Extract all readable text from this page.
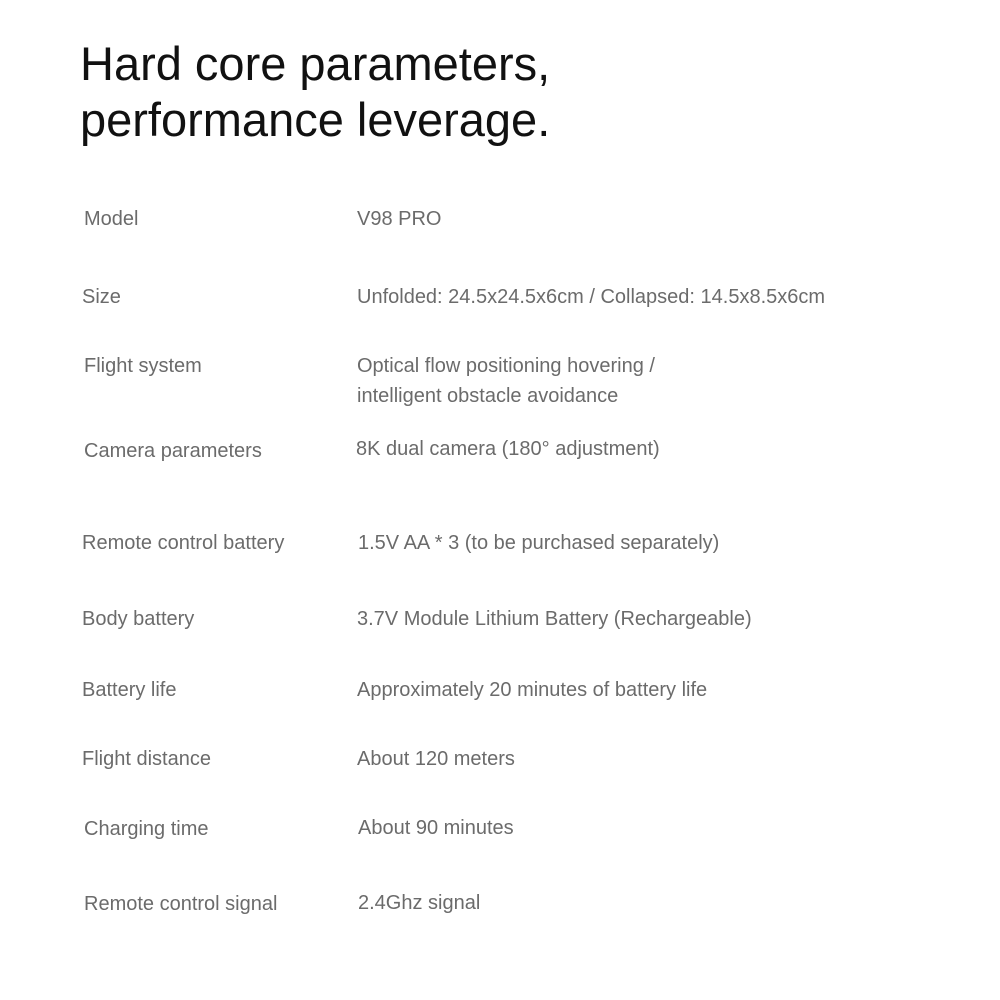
Hard core parameters,
performance leverage.
Model	V98 PRO
Size	Unfolded: 24.5x24.5x6cm / Collapsed: 14.5x8.5x6cm
Flight system	Optical flow positioning hovering /
intelligent obstacle avoidance
Camera parameters	8K dual camera (180° adjustment)
Remote control battery	1.5V AA * 3 (to be purchased separately)
Body battery	3.7V Module Lithium Battery (Rechargeable)
Battery life	Approximately 20 minutes of battery life
Flight distance	About 120 meters
Charging time	About 90 minutes
Remote control signal	2.4Ghz signal
